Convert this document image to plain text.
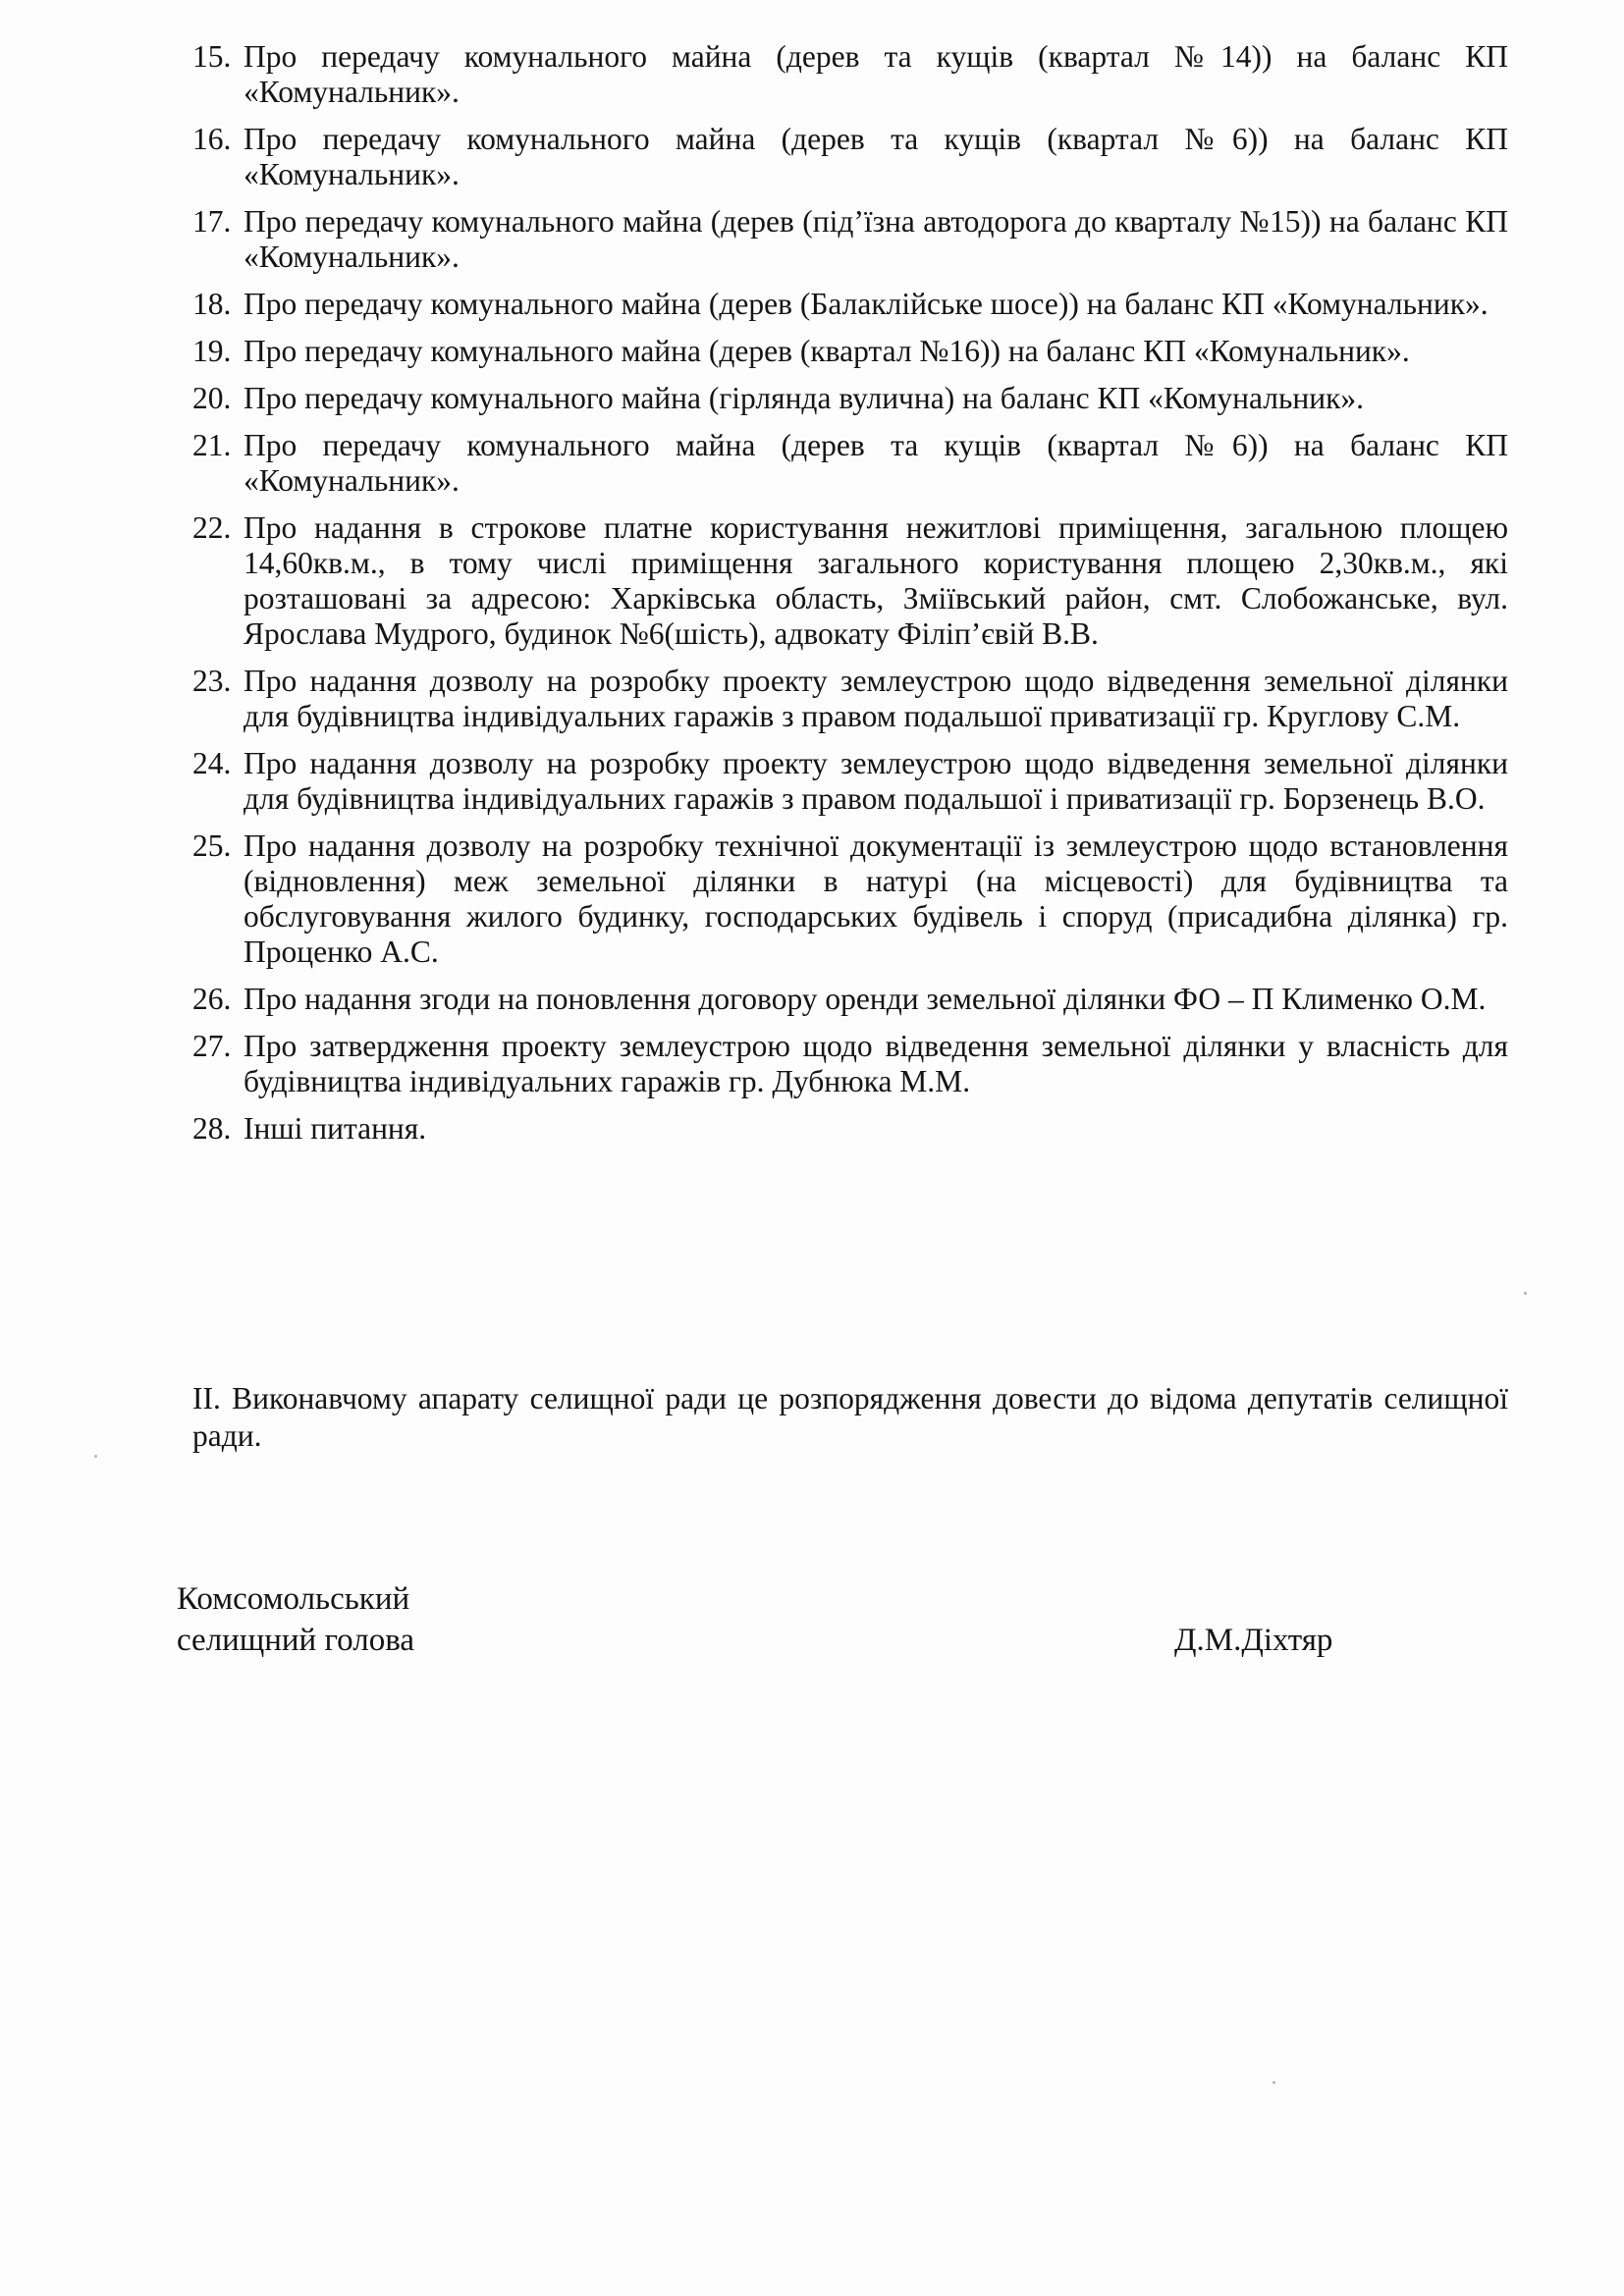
15. Про передачу комунального майна (дерев та кущів (квартал №14)) на баланс КП «Комунальник».
16. Про передачу комунального майна (дерев та кущів (квартал №6)) на баланс КП «Комунальник».
17. Про передачу комунального майна (дерев (під’їзна автодорога до кварталу №15)) на баланс КП «Комунальник».
18. Про передачу комунального майна (дерев (Балаклійське шосе)) на баланс КП «Комунальник».
19. Про передачу комунального майна (дерев (квартал №16)) на баланс КП «Комунальник».
20. Про передачу комунального майна (гірлянда вулична) на баланс КП «Комунальник».
21. Про передачу комунального майна (дерев та кущів (квартал №6)) на баланс КП «Комунальник».
22. Про надання в строкове платне користування нежитлові приміщення, загальною площею 14,60кв.м., в тому числі приміщення загального користування площею 2,30кв.м., які розташовані за адресою: Харківська область, Зміївський район, смт. Слобожанське, вул. Ярослава Мудрого, будинок №6(шість), адвокату Філіп’євій В.В.
23. Про надання дозволу на розробку проекту землеустрою щодо відведення земельної ділянки для будівництва індивідуальних гаражів з правом подальшої приватизації гр. Круглову С.М.
24. Про надання дозволу на розробку проекту землеустрою щодо відведення земельної ділянки для будівництва індивідуальних гаражів з правом подальшої і приватизації гр. Борзенець В.О.
25. Про надання дозволу на розробку технічної документації із землеустрою щодо встановлення (відновлення) меж земельної ділянки в натурі (на місцевості) для будівництва та обслуговування жилого будинку, господарських будівель і споруд (присадибна ділянка) гр. Проценко А.С.
26. Про надання згоди на поновлення договору оренди земельної ділянки ФО – П Клименко О.М.
27. Про затвердження проекту землеустрою щодо відведення земельної ділянки у власність для будівництва індивідуальних гаражів гр. Дубнюка М.М.
28. Інші питання.
ІІ. Виконавчому апарату селищної ради це розпорядження довести до відома депутатів селищної ради.
Комсомольський
селищний голова	Д.М.Діхтяр
